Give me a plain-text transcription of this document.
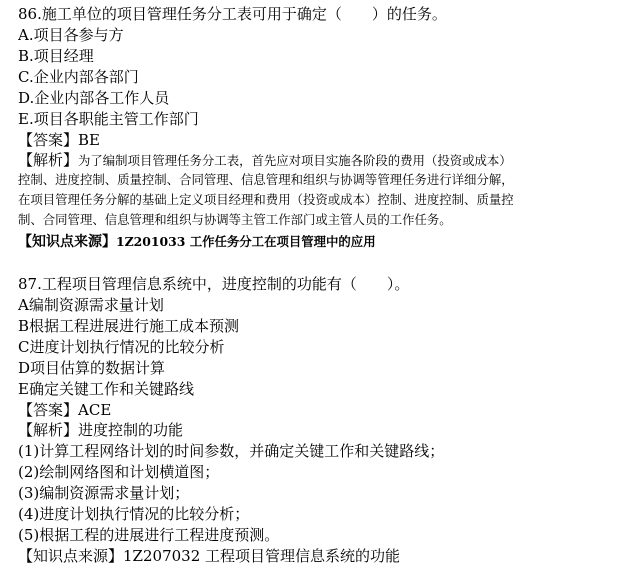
86.施工单位的项目管理任务分工表可用于确定（　　）的任务。
A.项目各参与方
B.项目经理
C.企业内部各部门
D.企业内部各工作人员
E.项目各职能主管工作部门
【答案】BE
【解析】为了编制项目管理任务分工表，首先应对项目实施各阶段的费用（投资或成本）
控制、进度控制、质量控制、合同管理、信息管理和组织与协调等管理任务进行详细分解，
在项目管理任务分解的基础上定义项目经理和费用（投资或成本）控制、进度控制、质量控
制、合同管理、信息管理和组织与协调等主管工作部门或主管人员的工作任务。
【知识点来源】1Z201033 工作任务分工在项目管理中的应用
87.工程项目管理信息系统中，进度控制的功能有（　　）。
A编制资源需求量计划
B根据工程进展进行施工成本预测
C进度计划执行情况的比较分析
D项目估算的数据计算
E确定关键工作和关键路线
【答案】ACE
【解析】进度控制的功能
(1)计算工程网络计划的时间参数，并确定关键工作和关键路线；
(2)绘制网络图和计划横道图；
(3)编制资源需求量计划；
(4)进度计划执行情况的比较分析；
(5)根据工程的进展进行工程进度预测。
【知识点来源】1Z207032 工程项目管理信息系统的功能
